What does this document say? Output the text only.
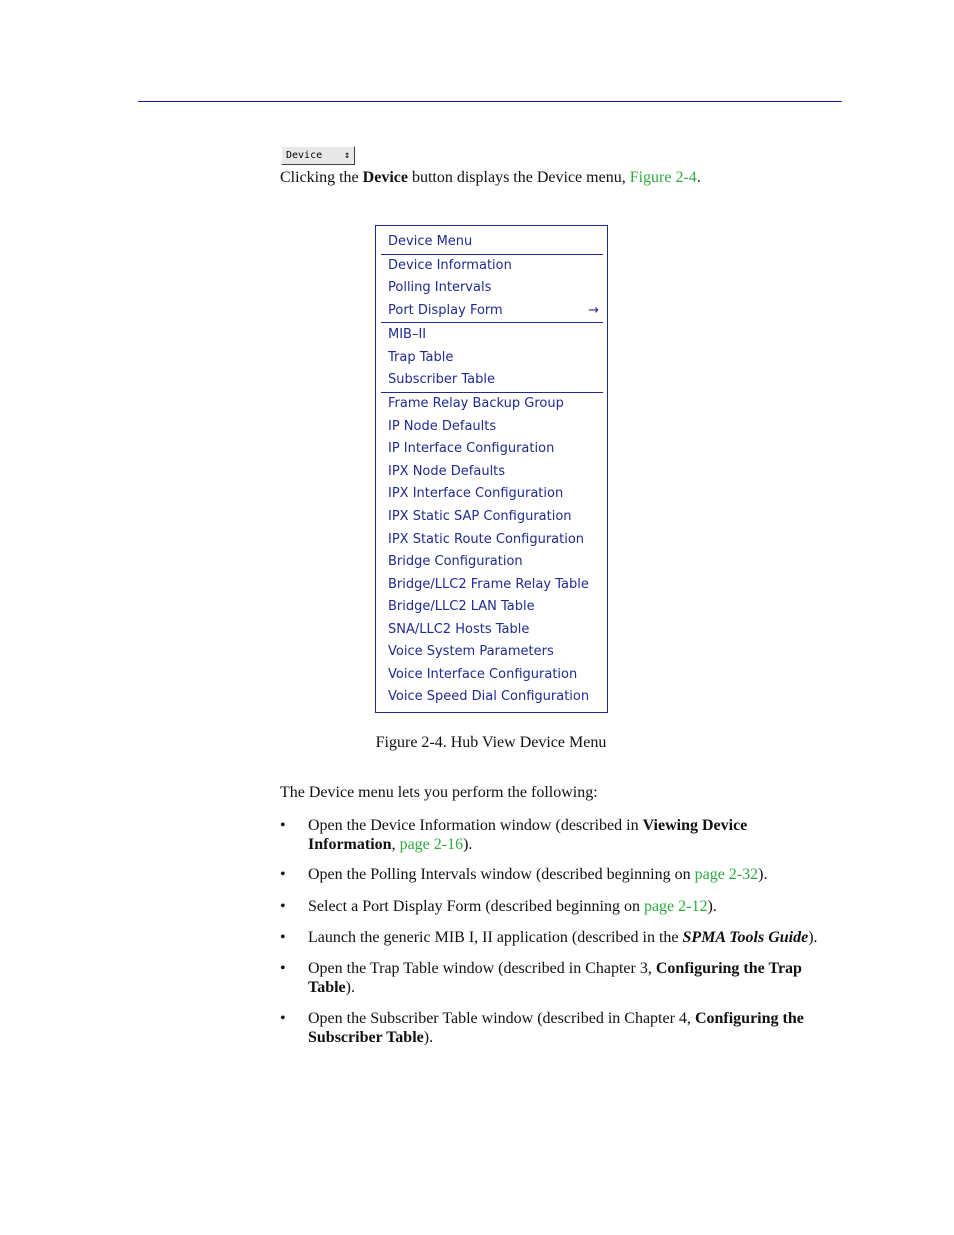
Device ↕
Clicking the Device button displays the Device menu, Figure 2-4.
Device Menu
Device Information
Polling Intervals
Port Display Form	→
MIB–II
Trap Table
Subscriber Table
Frame Relay Backup Group
IP Node Defaults
IP Interface Configuration
IPX Node Defaults
IPX Interface Configuration
IPX Static SAP Configuration
IPX Static Route Configuration
Bridge Configuration
Bridge/LLC2 Frame Relay Table
Bridge/LLC2 LAN Table
SNA/LLC2 Hosts Table
Voice System Parameters
Voice Interface Configuration
Voice Speed Dial Configuration
Figure 2-4. Hub View Device Menu
The Device menu lets you perform the following:
• Open the Device Information window (described in Viewing Device
Information, page 2-16).
• Open the Polling Intervals window (described beginning on page 2-32).
• Select a Port Display Form (described beginning on page 2-12).
• Launch the generic MIB I, II application (described in the SPMA Tools Guide).
• Open the Trap Table window (described in Chapter 3, Configuring the Trap
Table).
• Open the Subscriber Table window (described in Chapter 4, Configuring the
Subscriber Table).
